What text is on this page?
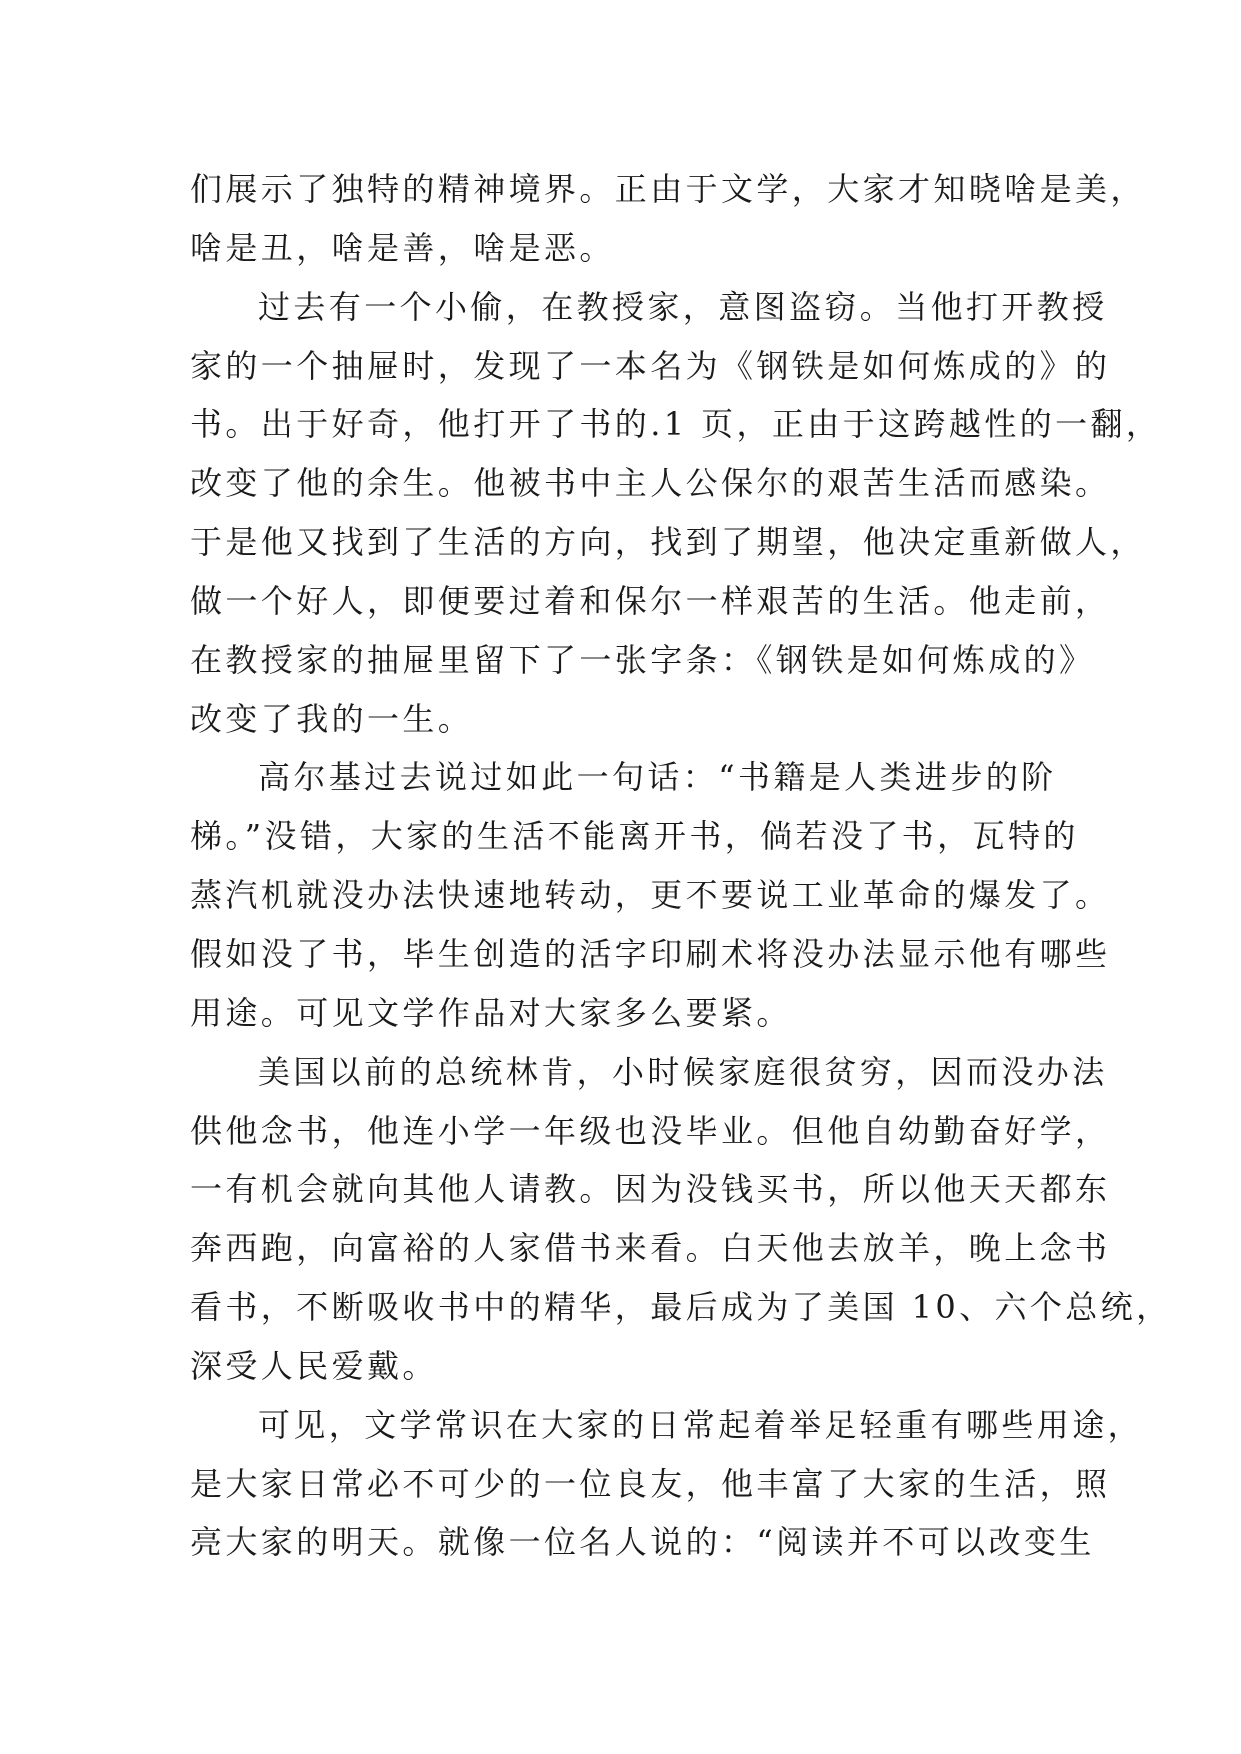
们展示了独特的精神境界。正由于文学，大家才知晓啥是美，
啥是丑，啥是善，啥是恶。
过去有一个小偷，在教授家，意图盗窃。当他打开教授
家的一个抽屉时，发现了一本名为《钢铁是如何炼成的》的
书。出于好奇，他打开了书的.1 页，正由于这跨越性的一翻，
改变了他的余生。他被书中主人公保尔的艰苦生活而感染。
于是他又找到了生活的方向，找到了期望，他决定重新做人，
做一个好人，即便要过着和保尔一样艰苦的生活。他走前，
在教授家的抽屉里留下了一张字条：《钢铁是如何炼成的》
改变了我的一生。
高尔基过去说过如此一句话：“书籍是人类进步的阶
梯。”没错，大家的生活不能离开书，倘若没了书，瓦特的
蒸汽机就没办法快速地转动，更不要说工业革命的爆发了。
假如没了书，毕生创造的活字印刷术将没办法显示他有哪些
用途。可见文学作品对大家多么要紧。
美国以前的总统林肯，小时候家庭很贫穷，因而没办法
供他念书，他连小学一年级也没毕业。但他自幼勤奋好学，
一有机会就向其他人请教。因为没钱买书，所以他天天都东
奔西跑，向富裕的人家借书来看。白天他去放羊，晚上念书
看书，不断吸收书中的精华，最后成为了美国 10、六个总统，
深受人民爱戴。
可见，文学常识在大家的日常起着举足轻重有哪些用途，
是大家日常必不可少的一位良友，他丰富了大家的生活，照
亮大家的明天。就像一位名人说的：“阅读并不可以改变生
